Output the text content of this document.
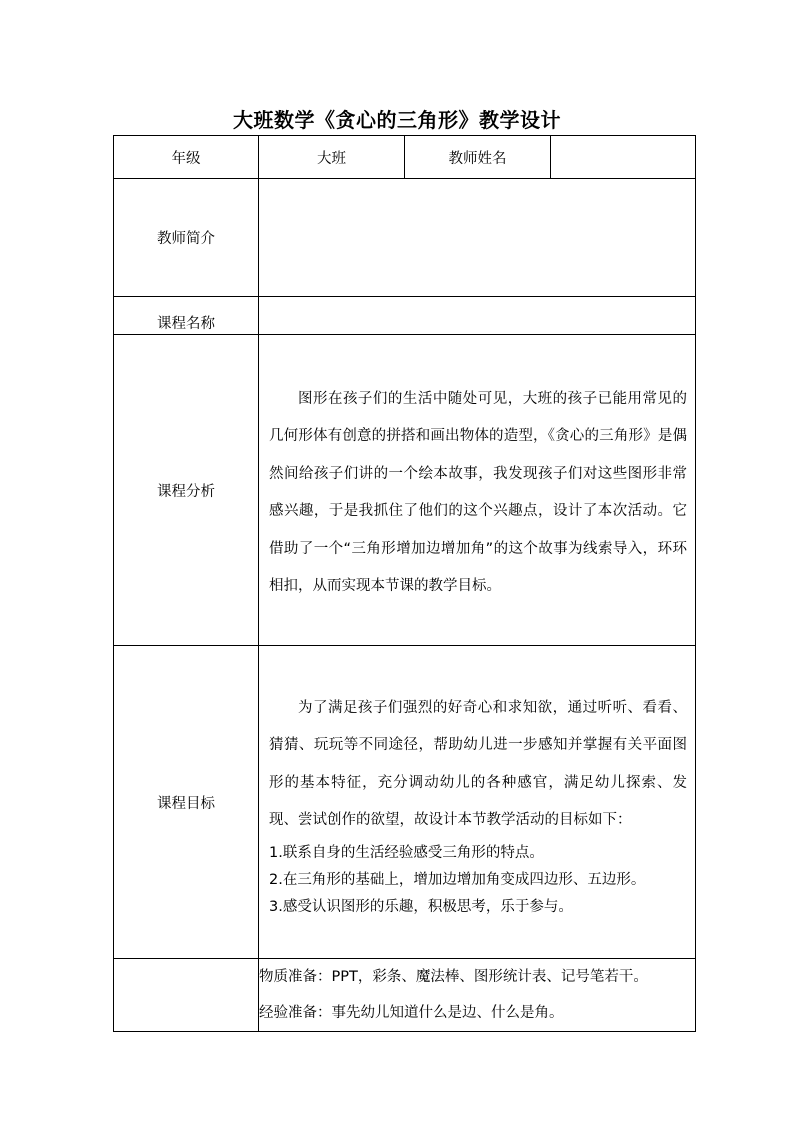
大班数学《贪心的三角形》教学设计
年级	大班	教师姓名	
教师简介			
课程名称			
课程分析	图形在孩子们的生活中随处可见，大班的孩子已能用常见的几何形体有创意的拼搭和画出物体的造型，《贪心的三角形》是偶然间给孩子们讲的一个绘本故事，我发现孩子们对这些图形非常感兴趣，于是我抓住了他们的这个兴趣点，设计了本次活动。它借助了一个“三角形增加边增加角”的这个故事为线索导入，环环相扣，从而实现本节课的教学目标。		

课程目标	为了满足孩子们强烈的好奇心和求知欲，通过听听、看看、猜猜、玩玩等不同途径，帮助幼儿进一步感知并掌握有关平面图形的基本特征，充分调动幼儿的各种感官，满足幼儿探索、发现、尝试创作的欲望，故设计本节教学活动的目标如下：
1.联系自身的生活经验感受三角形的特点。
2.在三角形的基础上，增加边增加角变成四边形、五边形。
3.感受认识图形的乐趣，积极思考，乐于参与。		

	物质准备：PPT，彩条、魔法棒、图形统计表、记号笔若干。
经验准备：事先幼儿知道什么是边、什么是角。		
